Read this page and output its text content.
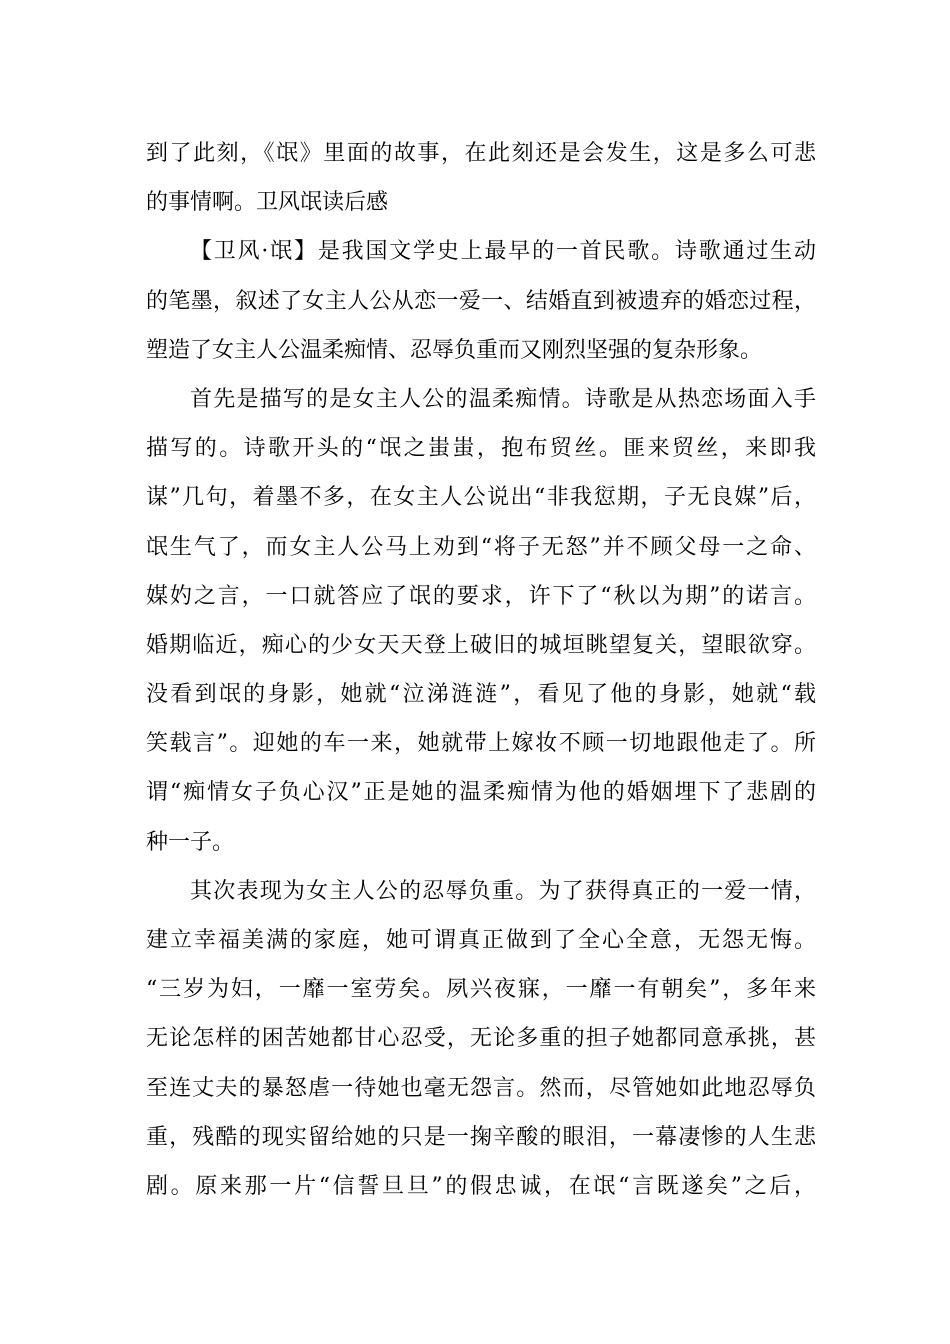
到了此刻，《氓》里面的故事，在此刻还是会发生，这是多么可悲
的事情啊。卫风氓读后感
【卫风·氓】是我国文学史上最早的一首民歌。诗歌通过生动
的笔墨，叙述了女主人公从恋一爱一、结婚直到被遗弃的婚恋过程，
塑造了女主人公温柔痴情、忍辱负重而又刚烈坚强的复杂形象。
首先是描写的是女主人公的温柔痴情。诗歌是从热恋场面入手
描写的。诗歌开头的“氓之蚩蚩，抱布贸丝。匪来贸丝，来即我
谋”几句，着墨不多，在女主人公说出“非我愆期，子无良媒”后，
氓生气了，而女主人公马上劝到“将子无怒”并不顾父母一之命、
媒妁之言，一口就答应了氓的要求，许下了“秋以为期”的诺言。
婚期临近，痴心的少女天天登上破旧的城垣眺望复关，望眼欲穿。
没看到氓的身影，她就“泣涕涟涟”，看见了他的身影，她就“载
笑载言”。迎她的车一来，她就带上嫁妆不顾一切地跟他走了。所
谓“痴情女子负心汉”正是她的温柔痴情为他的婚姻埋下了悲剧的
种一子。
其次表现为女主人公的忍辱负重。为了获得真正的一爱一情，
建立幸福美满的家庭，她可谓真正做到了全心全意，无怨无悔。
“三岁为妇，一靡一室劳矣。夙兴夜寐，一靡一有朝矣”，多年来
无论怎样的困苦她都甘心忍受，无论多重的担子她都同意承挑，甚
至连丈夫的暴怒虐一待她也毫无怨言。然而，尽管她如此地忍辱负
重，残酷的现实留给她的只是一掬辛酸的眼泪，一幕凄惨的人生悲
剧。原来那一片“信誓旦旦”的假忠诚，在氓“言既遂矣”之后，
